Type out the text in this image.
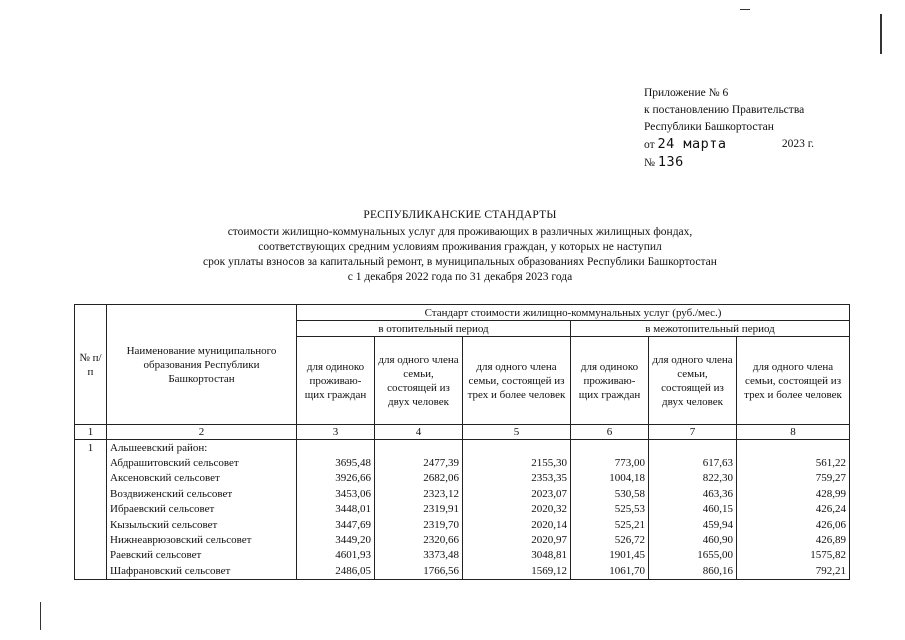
Приложение № 6
к постановлению Правительства
Республики Башкортостан
от 24 марта	2023 г.
№ 136
РЕСПУБЛИКАНСКИЕ СТАНДАРТЫ
стоимости жилищно-коммунальных услуг для проживающих в различных жилищных фондах,
соответствующих средним условиям проживания граждан, у которых не наступил
срок уплаты взносов за капитальный ремонт, в муниципальных образованиях Республики Башкортостан
с 1 декабря 2022 года по 31 декабря 2023 года
№ п/п	Наименование муниципального образования Республики Башкортостан	Стандарт стоимости жилищно-коммунальных услуг (руб./мес.)					
		в отопительный период			в межотопительный период		
		для одиноко проживаю-щих граждан	для одного члена семьи, состоящей из двух человек	для одного члена семьи, состоящей из трех и более человек	для одиноко проживаю-щих граждан	для одного члена семьи, состоящей из двух человек	для одного члена семьи, состоящей из трех и более человек
1	2	3	4	5	6	7	8
1	Альшеевский район:						
	Абдрашитовский сельсовет	3695,48	2477,39	2155,30	773,00	617,63	561,22
	Аксеновский сельсовет	3926,66	2682,06	2353,35	1004,18	822,30	759,27
	Воздвиженский сельсовет	3453,06	2323,12	2023,07	530,58	463,36	428,99
	Ибраевский сельсовет	3448,01	2319,91	2020,32	525,53	460,15	426,24
	Кызыльский сельсовет	3447,69	2319,70	2020,14	525,21	459,94	426,06
	Нижнеаврюзовский сельсовет	3449,20	2320,66	2020,97	526,72	460,90	426,89
	Раевский сельсовет	4601,93	3373,48	3048,81	1901,45	1655,00	1575,82
	Шафрановский сельсовет	2486,05	1766,56	1569,12	1061,70	860,16	792,21
